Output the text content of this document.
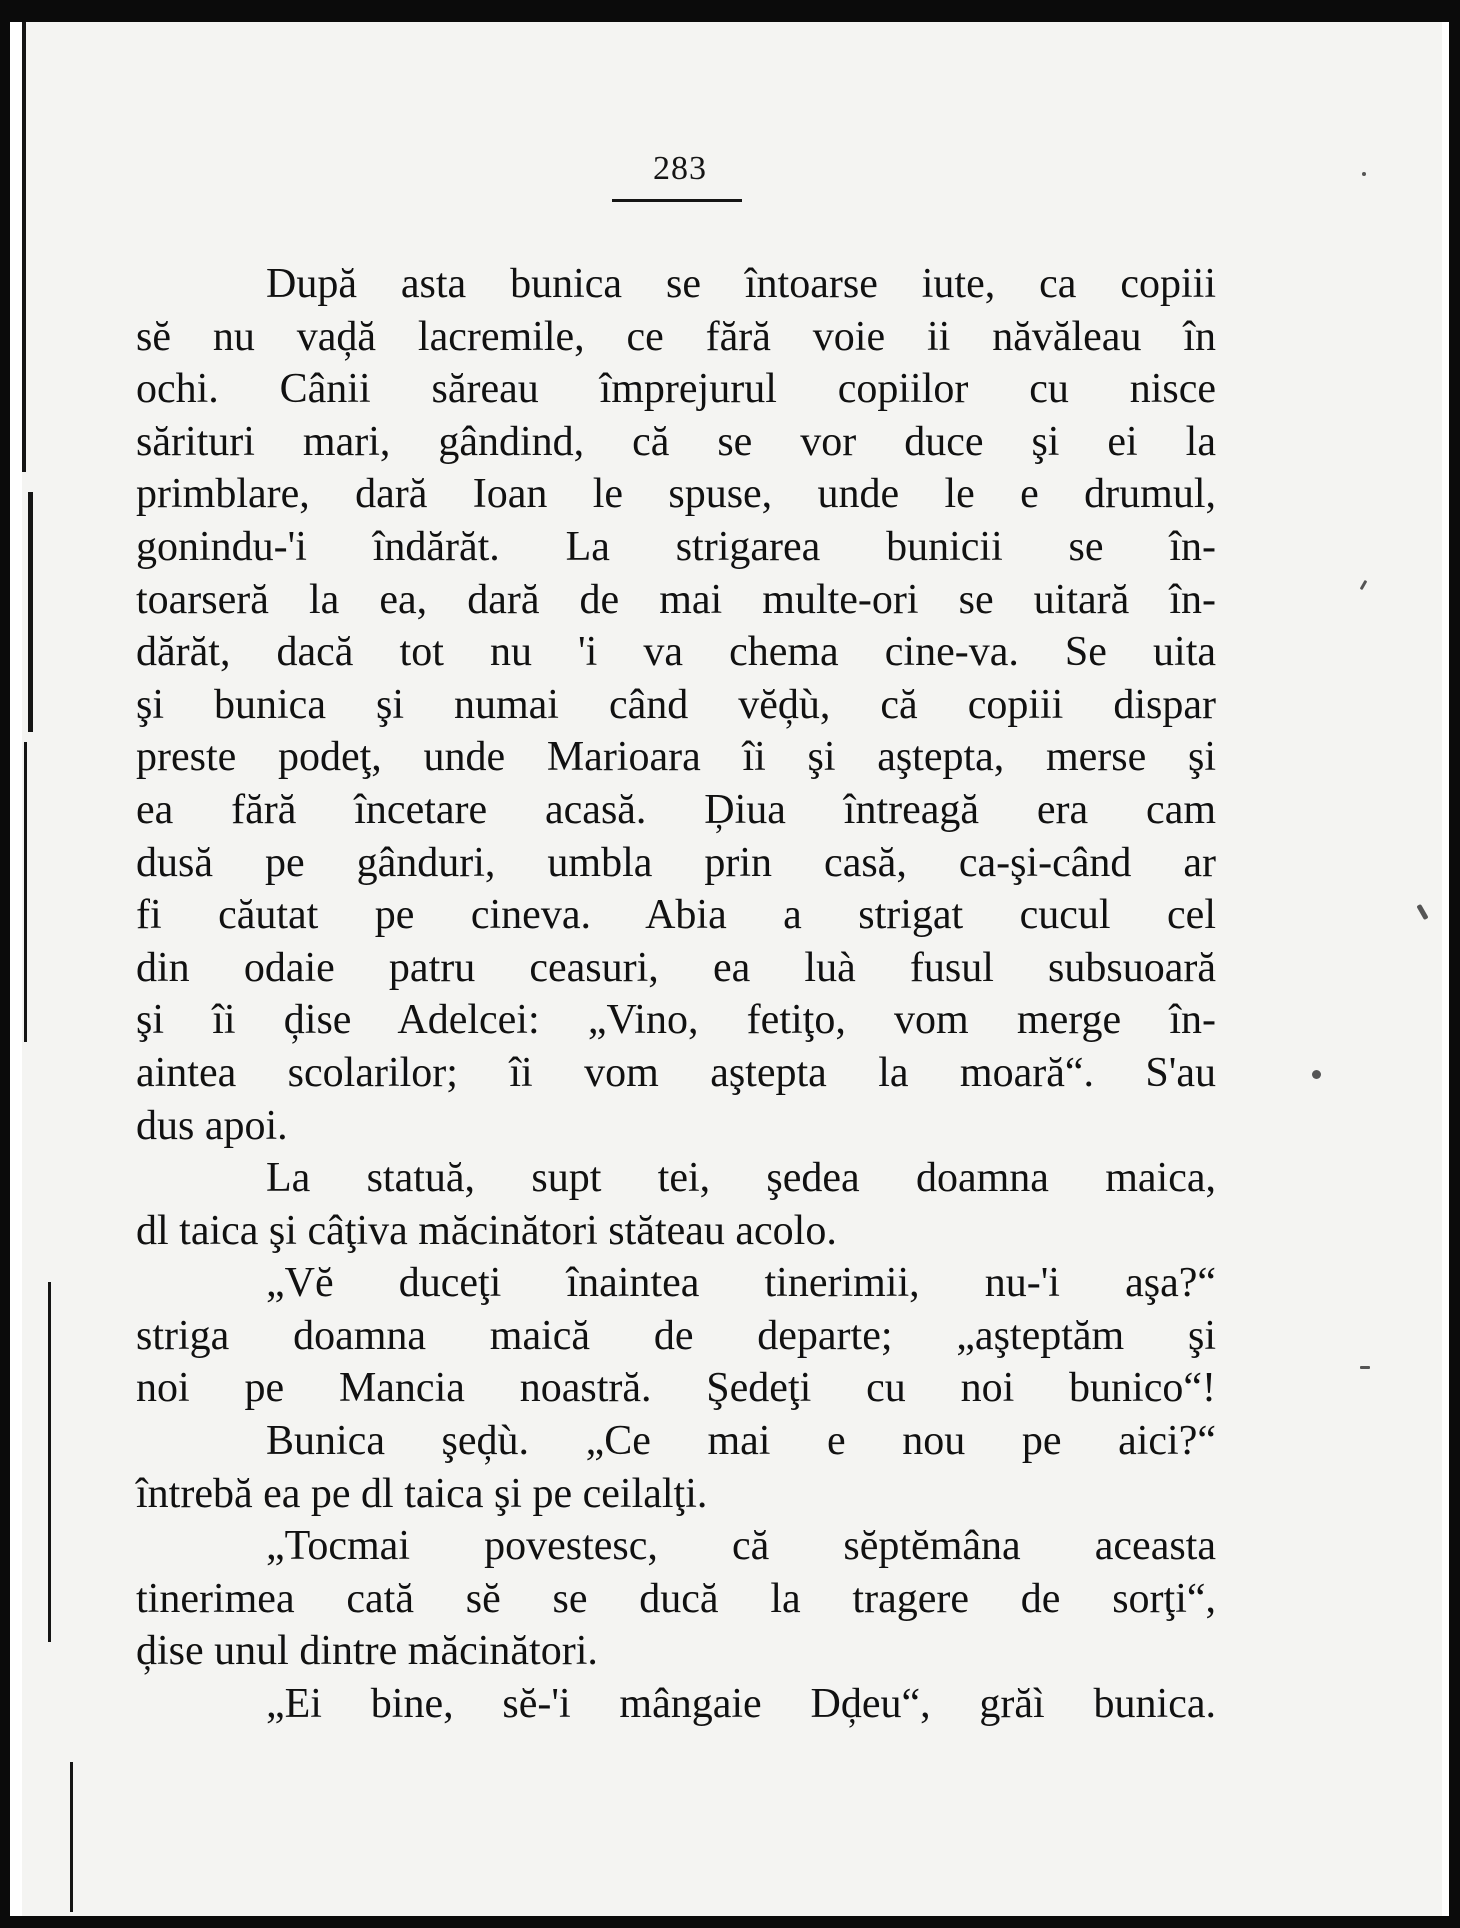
283
După asta bunica se întoarse iute, ca copiii
sĕ nu vaḑă lacremile, ce fără voie ii năvăleau în
ochi. Cânii săreau împrejurul copiilor cu nisce
sărituri mari, gândind, că se vor duce şi ei la
primblare, dară Ioan le spuse, unde le e drumul,
gonindu-'i îndărăt. La strigarea bunicii se în-
toarseră la ea, dară de mai multe-ori se uitară în-
dărăt, dacă tot nu 'i va chema cine-va. Se uita
şi bunica şi numai când vĕḑù, că copiii dispar
preste podeţ, unde Marioara îi şi aştepta, merse şi
ea fără încetare acasă. Ḑiua întreagă era cam
dusă pe gânduri, umbla prin casă, ca-şi-când ar
fi căutat pe cineva. Abia a strigat cucul cel
din odaie patru ceasuri, ea luà fusul subsuoară
şi îi ḑise Adelcei: „Vino, fetiţo, vom merge în-
aintea scolarilor; îi vom aştepta la moară“. S'au
dus apoi.
La statuă, supt tei, şedea doamna maica,
dl taica şi câţiva măcinători stăteau acolo.
„Vĕ duceţi înaintea tinerimii, nu-'i aşa?“
striga doamna maică de departe; „aşteptăm şi
noi pe Mancia noastră. Şedeţi cu noi bunico“!
Bunica şeḑù. „Ce mai e nou pe aici?“
întrebă ea pe dl taica şi pe ceilalţi.
„Tocmai povestesc, că sĕptĕmâna aceasta
tinerimea cată sĕ se ducă la tragere de sorţi“,
ḑise unul dintre măcinători.
„Ei bine, sĕ-'i mângaie Dḑeu“, grăì bunica.
